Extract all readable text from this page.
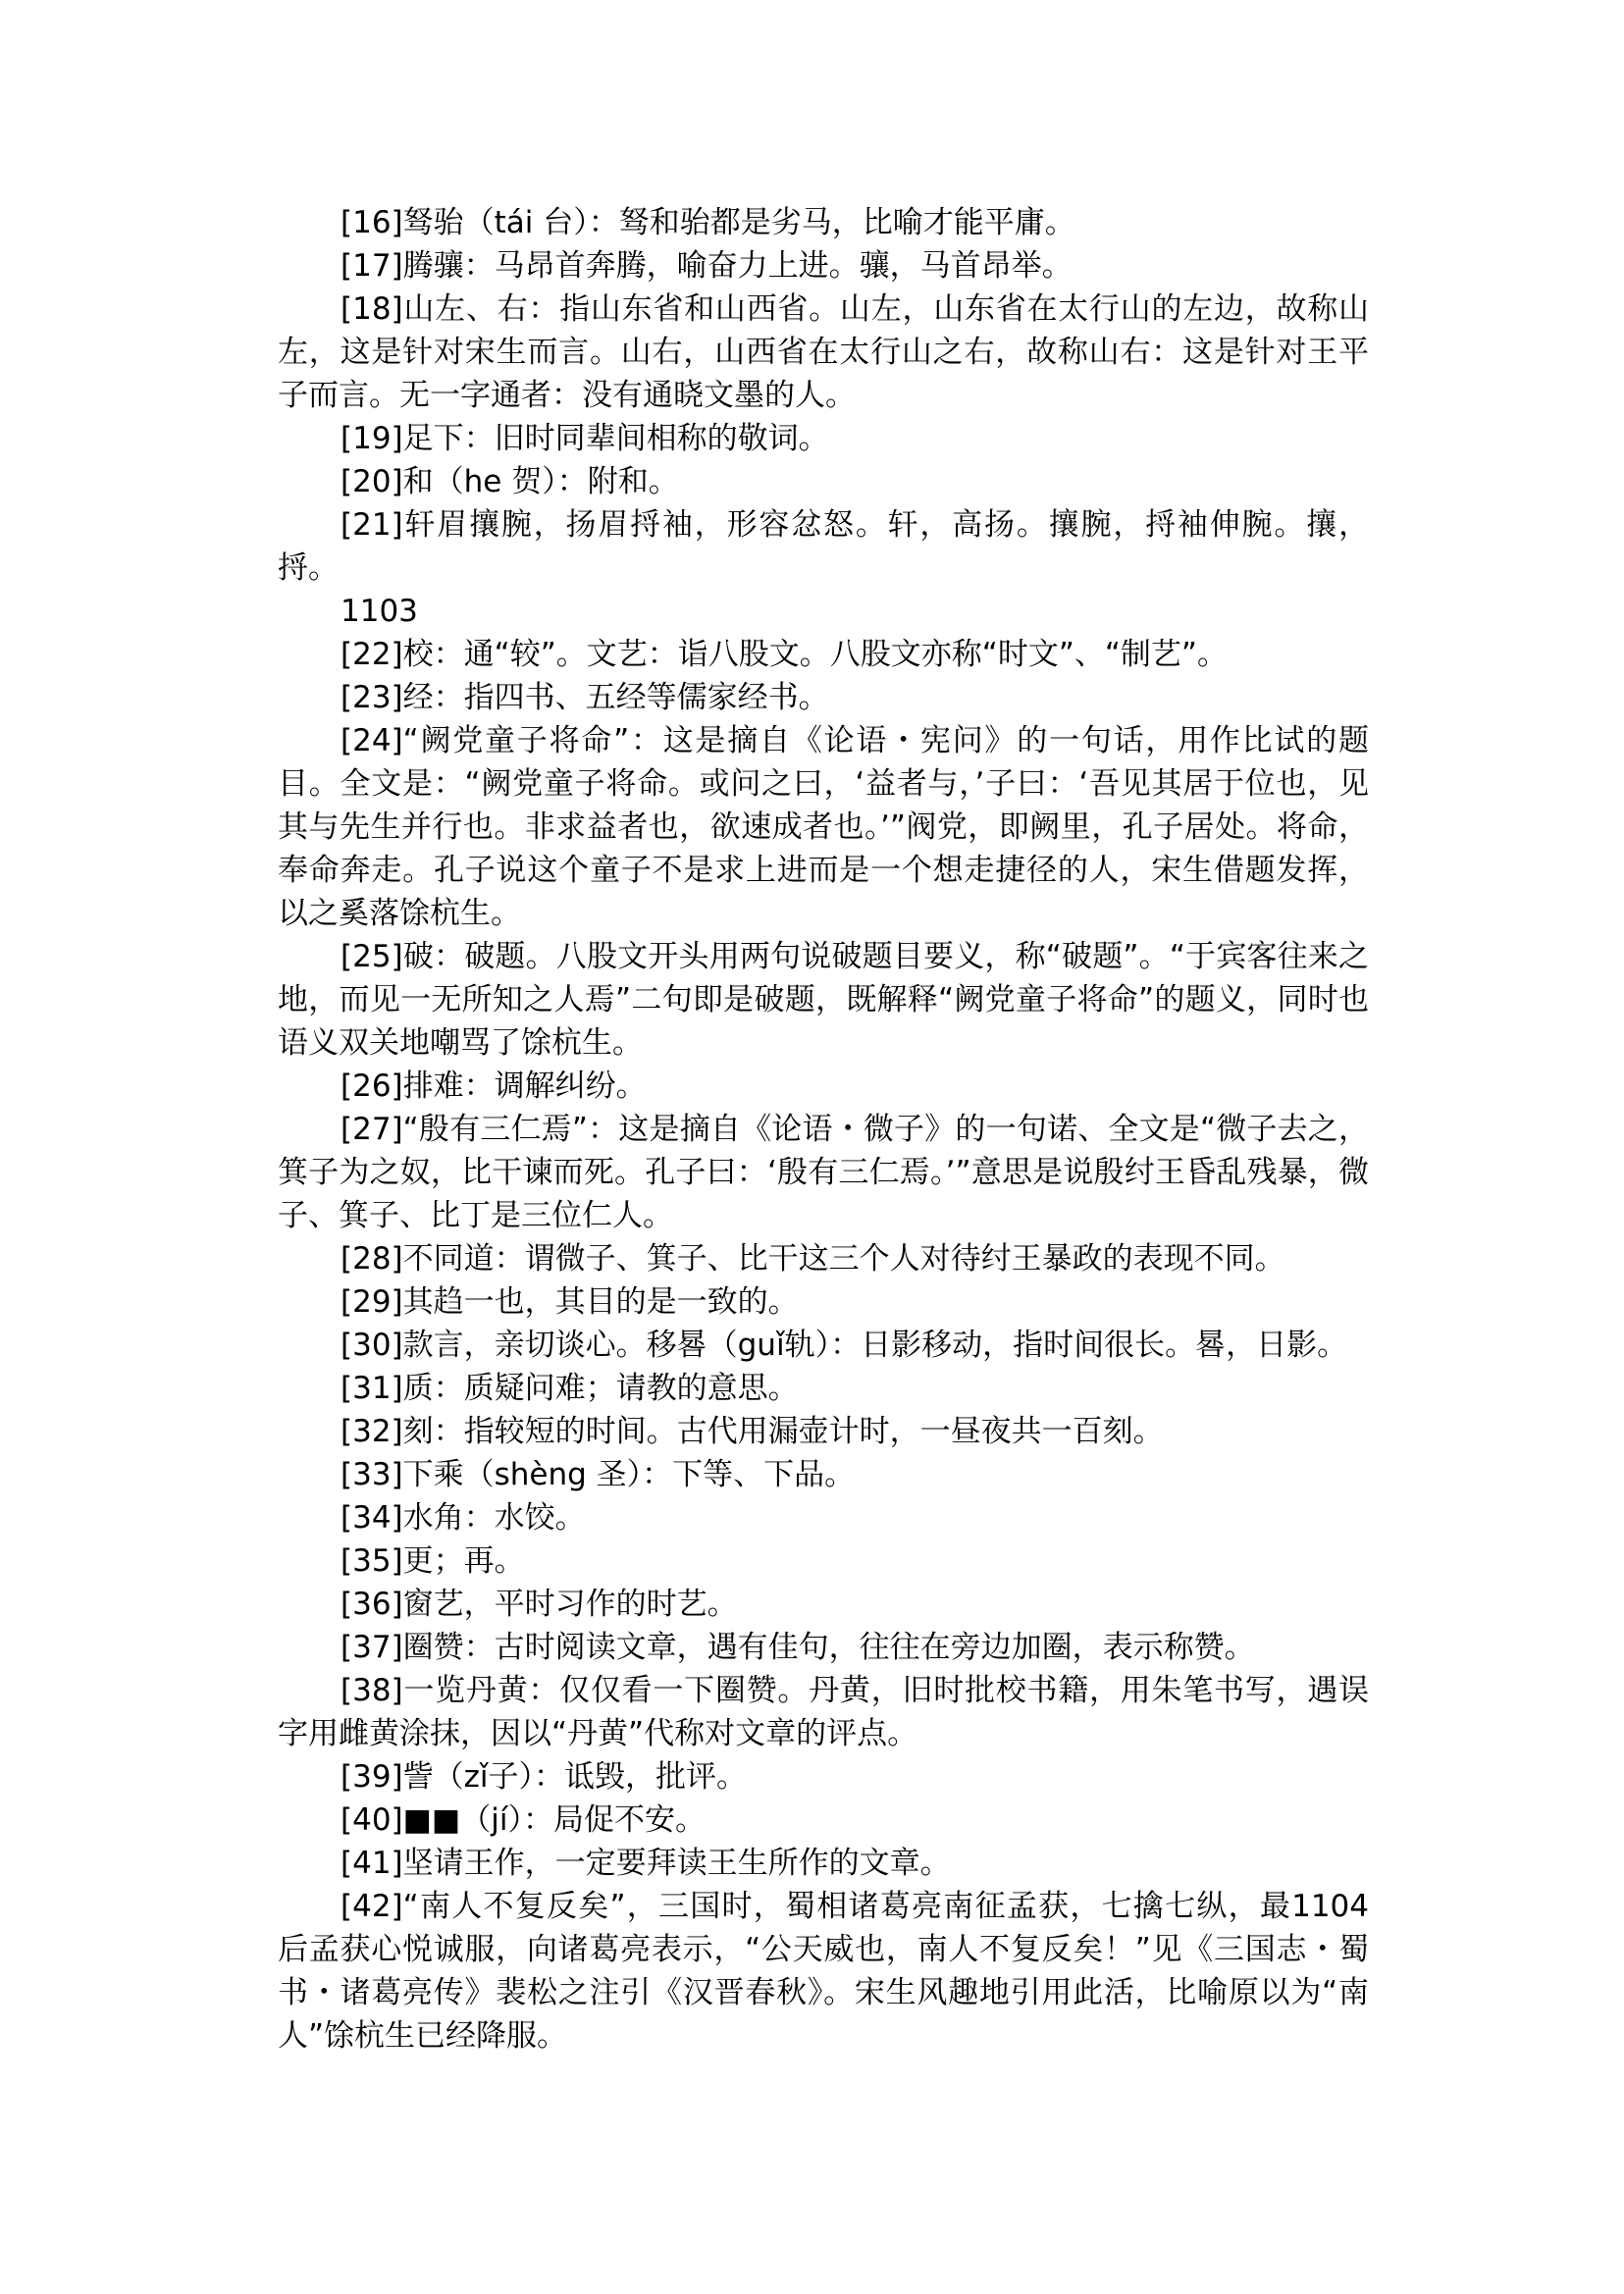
[16]驽骀（tái 台）：驽和骀都是劣马，比喻才能平庸。

[17]腾骧：马昂首奔腾，喻奋力上进。骧，马首昂举。

[18]山左、右：指山东省和山西省。山左，山东省在太行山的左边，故称山左，这是针对宋生而言。山右，山西省在太行山之右，故称山右：这是针对王平子而言。无一字通者：没有通晓文墨的人。

[19]足下：旧时同辈间相称的敬词。

[20]和（he 贺）：附和。

[21]轩眉攘腕，扬眉捋袖，形容忿怒。轩，高扬。攘腕，捋袖伸腕。攘，捋。

1103

[22]校：通“较”。文艺：诣八股文。八股文亦称“时文”、“制艺”。

[23]经：指四书、五经等儒家经书。

[24]“阙党童子将命”：这是摘自《论语・宪问》的一句话，用作比试的题目。全文是：“阙党童子将命。或问之曰，‘益者与，’子曰：‘吾见其居于位也，见其与先生并行也。非求益者也，欲速成者也。’”阀党，即阙里，孔子居处。将命，奉命奔走。孔子说这个童子不是求上进而是一个想走捷径的人，宋生借题发挥，以之奚落馀杭生。

[25]破：破题。八股文开头用两句说破题目要义，称“破题”。“于宾客往来之地，而见一无所知之人焉”二句即是破题，既解释“阙党童子将命”的题义，同时也语义双关地嘲骂了馀杭生。

[26]排难：调解纠纷。

[27]“殷有三仁焉”：这是摘自《论语・微子》的一句诺、全文是“微子去之，箕子为之奴，比干谏而死。孔子曰：‘殷有三仁焉。’”意思是说殷纣王昏乱残暴，微子、箕子、比丁是三位仁人。

[28]不同道：谓微子、箕子、比干这三个人对待纣王暴政的表现不同。

[29]其趋一也，其目的是一致的。

[30]款言，亲切谈心。移晷（guǐ轨）：日影移动，指时间很长。晷，日影。

[31]质：质疑问难；请教的意思。

[32]刻：指较短的时间。古代用漏壶计时，一昼夜共一百刻。

[33]下乘（shèng 圣）：下等、下品。

[34]水角：水饺。

[35]更；再。

[36]窗艺，平时习作的时艺。

[37]圈赞：古时阅读文章，遇有佳句，往往在旁边加圈，表示称赞。

[38]一览丹黄：仅仅看一下圈赞。丹黄，旧时批校书籍，用朱笔书写，遇误字用雌黄涂抹，因以“丹黄”代称对文章的评点。

[39]訾（zǐ子）：诋毁，批评。

[40]■■（jí）：局促不安。

[41]坚请王作，一定要拜读王生所作的文章。

[42]“南人不复反矣”，三国时，蜀相诸葛亮南征孟获，七擒七纵，最1104 后孟获心悦诚服，向诸葛亮表示，“公天威也，南人不复反矣！”见《三国志・蜀书・诸葛亮传》裴松之注引《汉晋春秋》。宋生风趣地引用此活，比喻原以为“南人”馀杭生已经降服。
